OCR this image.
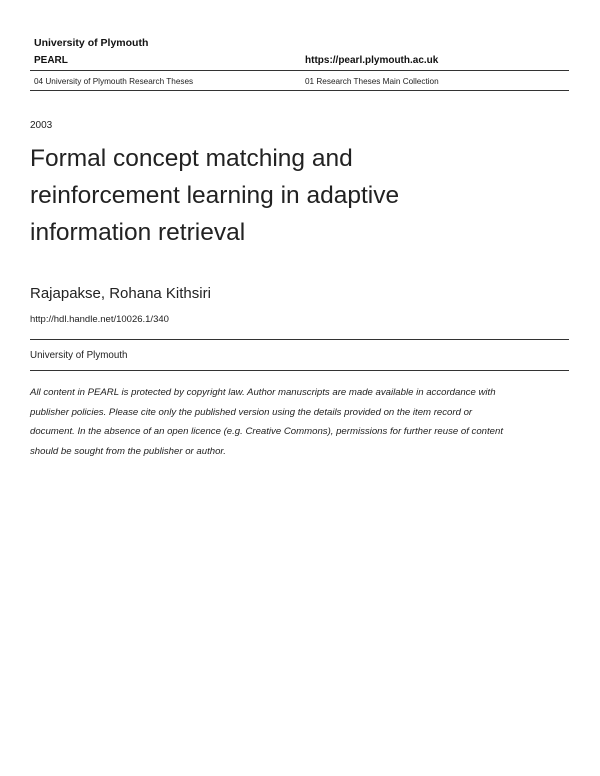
University of Plymouth
PEARL	https://pearl.plymouth.ac.uk
04 University of Plymouth Research Theses	01 Research Theses Main Collection
2003
Formal concept matching and
reinforcement learning in adaptive
information retrieval
Rajapakse, Rohana Kithsiri
http://hdl.handle.net/10026.1/340
University of Plymouth
All content in PEARL is protected by copyright law. Author manuscripts are made available in accordance with
publisher policies. Please cite only the published version using the details provided on the item record or
document. In the absence of an open licence (e.g. Creative Commons), permissions for further reuse of content
should be sought from the publisher or author.
